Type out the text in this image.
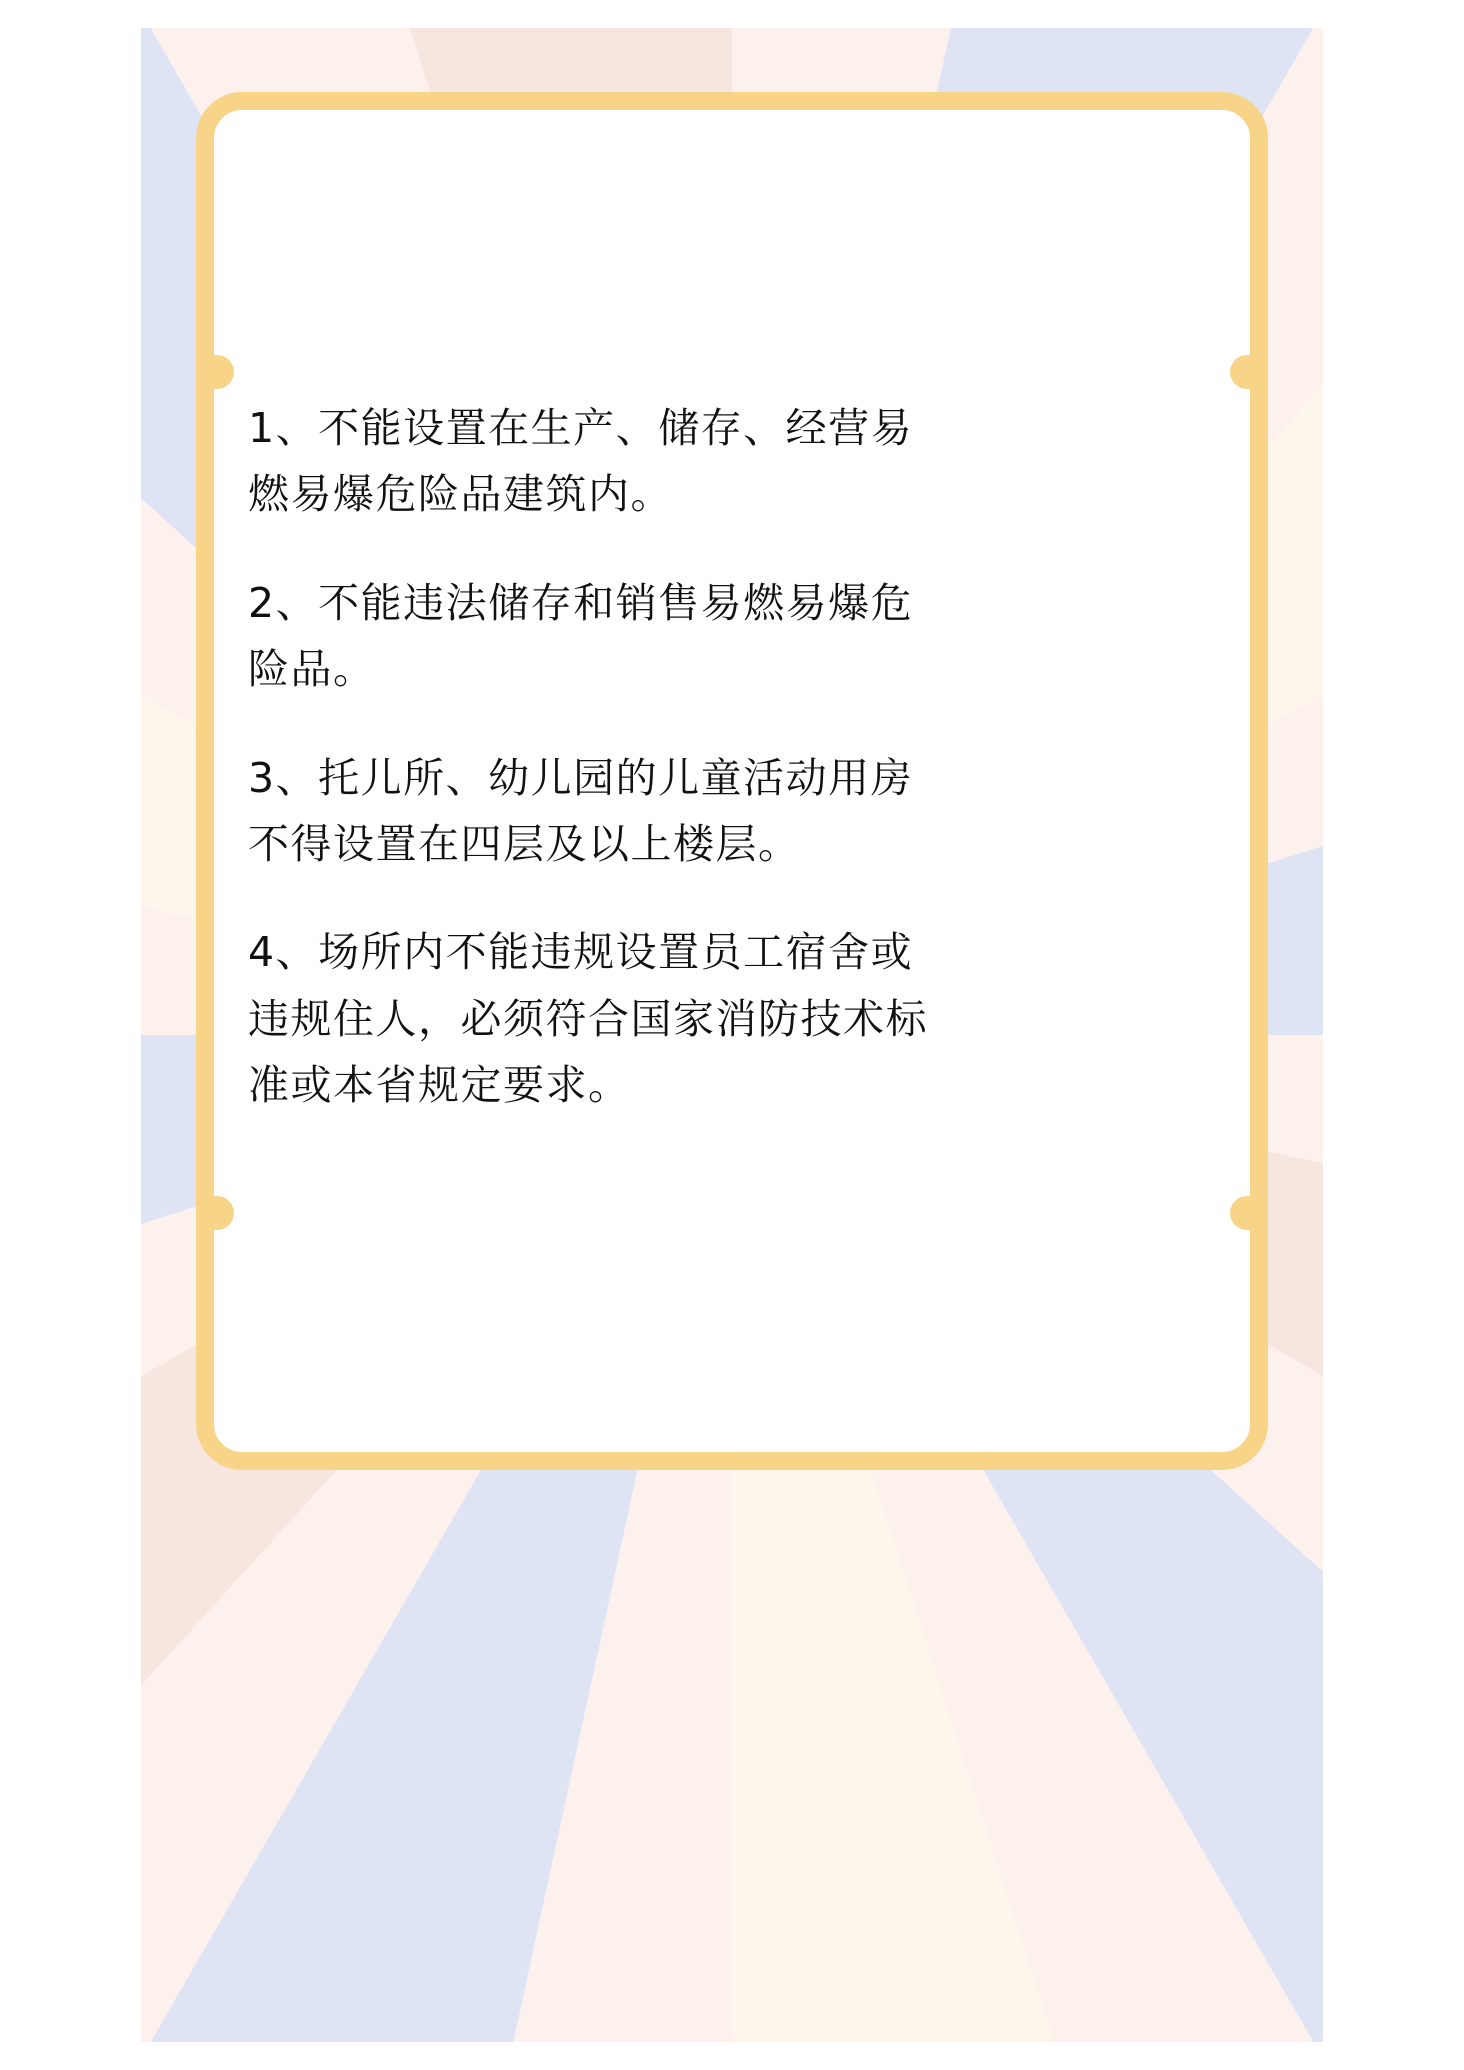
1、不能设置在生产、储存、经营易燃易爆危险品建筑内。

2、不能违法储存和销售易燃易爆危险品。

3、托儿所、幼儿园的儿童活动用房不得设置在四层及以上楼层。

4、场所内不能违规设置员工宿舍或违规住人，必须符合国家消防技术标准或本省规定要求。
